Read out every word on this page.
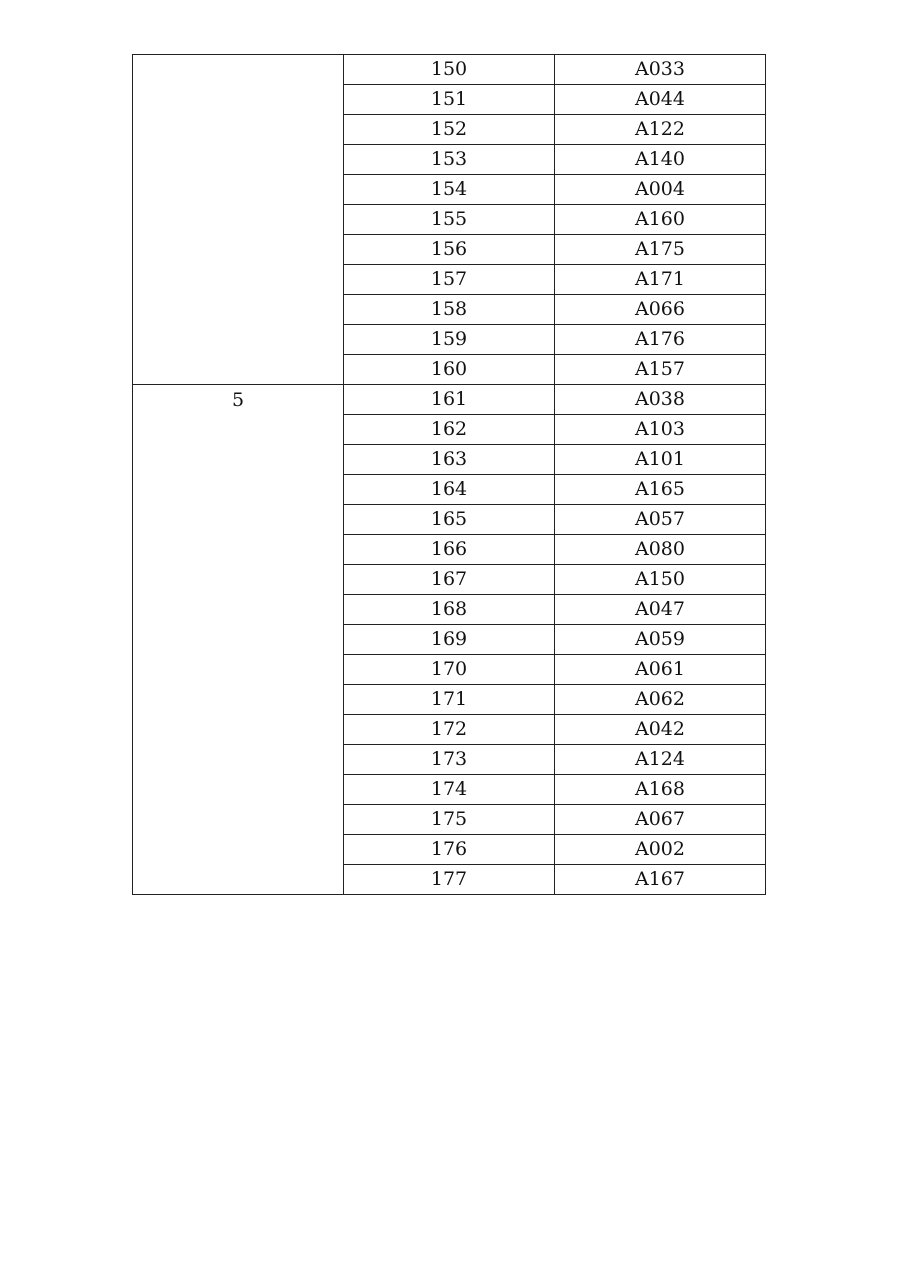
	150	A033
	151	A044
	152	A122
	153	A140
	154	A004
	155	A160
	156	A175
	157	A171
	158	A066
	159	A176
	160	A157
5	161	A038
	162	A103
	163	A101
	164	A165
	165	A057
	166	A080
	167	A150
	168	A047
	169	A059
	170	A061
	171	A062
	172	A042
	173	A124
	174	A168
	175	A067
	176	A002
	177	A167
